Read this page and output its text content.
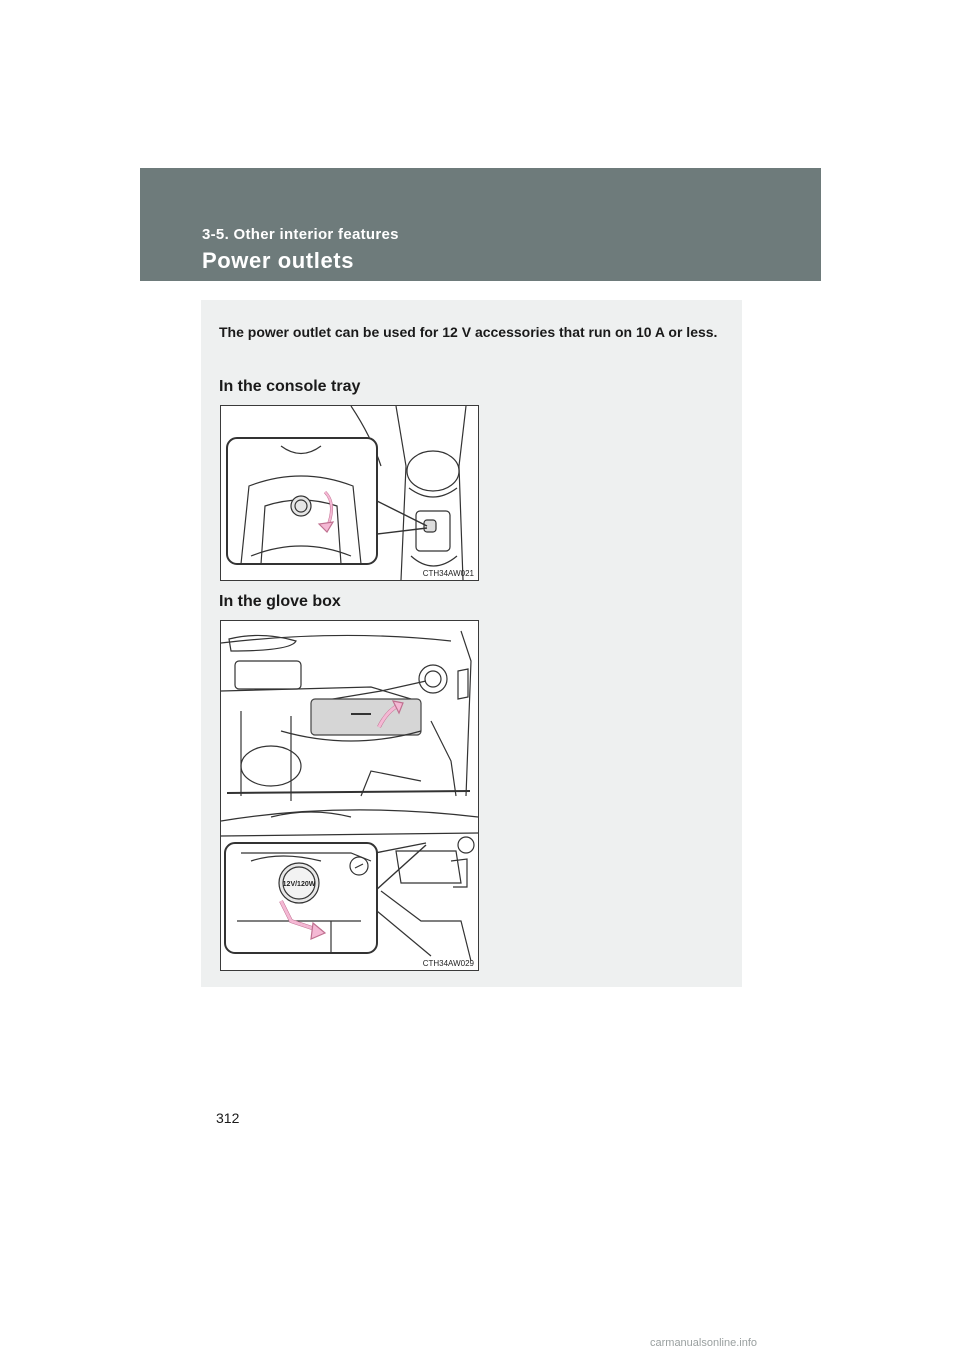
3-5. Other interior features
Power outlets
The power outlet can be used for 12 V accessories that run on 10 A or less.
In the console tray
CTH34AW021
In the glove box
12V/120W
CTH34AW029
312
carmanualsonline.info
